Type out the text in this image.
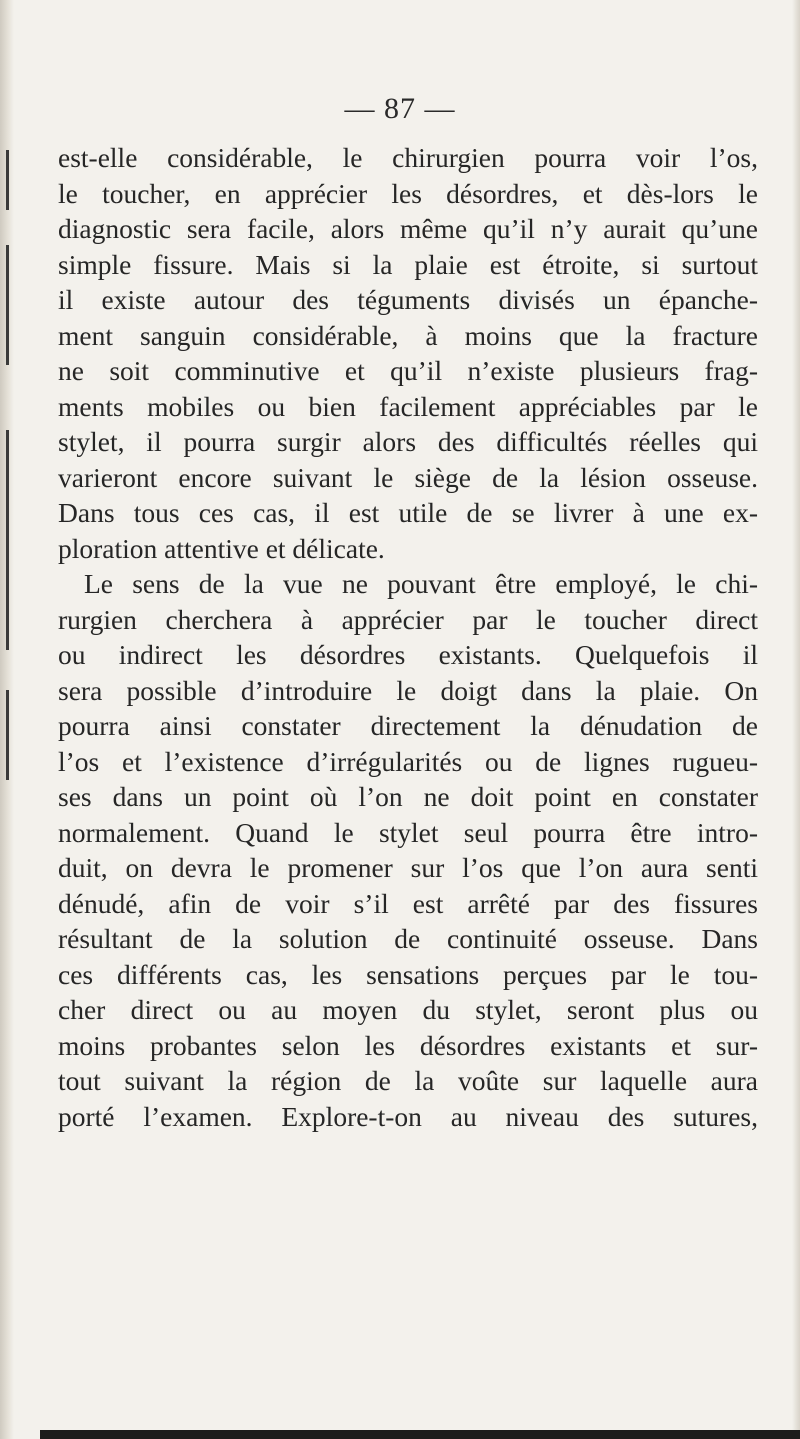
— 87 —
est-elle considérable, le chirurgien pourra voir l’os,
le toucher, en apprécier les désordres, et dès-lors le
diagnostic sera facile, alors même qu’il n’y aurait qu’une
simple fissure. Mais si la plaie est étroite, si surtout
il existe autour des téguments divisés un épanche-
ment sanguin considérable, à moins que la fracture
ne soit comminutive et qu’il n’existe plusieurs frag-
ments mobiles ou bien facilement appréciables par le
stylet, il pourra surgir alors des difficultés réelles qui
varieront encore suivant le siège de la lésion osseuse.
Dans tous ces cas, il est utile de se livrer à une ex-
ploration attentive et délicate.
Le sens de la vue ne pouvant être employé, le chi-
rurgien cherchera à apprécier par le toucher direct
ou indirect les désordres existants. Quelquefois il
sera possible d’introduire le doigt dans la plaie. On
pourra ainsi constater directement la dénudation de
l’os et l’existence d’irrégularités ou de lignes rugueu-
ses dans un point où l’on ne doit point en constater
normalement. Quand le stylet seul pourra être intro-
duit, on devra le promener sur l’os que l’on aura senti
dénudé, afin de voir s’il est arrêté par des fissures
résultant de la solution de continuité osseuse. Dans
ces différents cas, les sensations perçues par le tou-
cher direct ou au moyen du stylet, seront plus ou
moins probantes selon les désordres existants et sur-
tout suivant la région de la voûte sur laquelle aura
porté l’examen. Explore-t-on au niveau des sutures,
